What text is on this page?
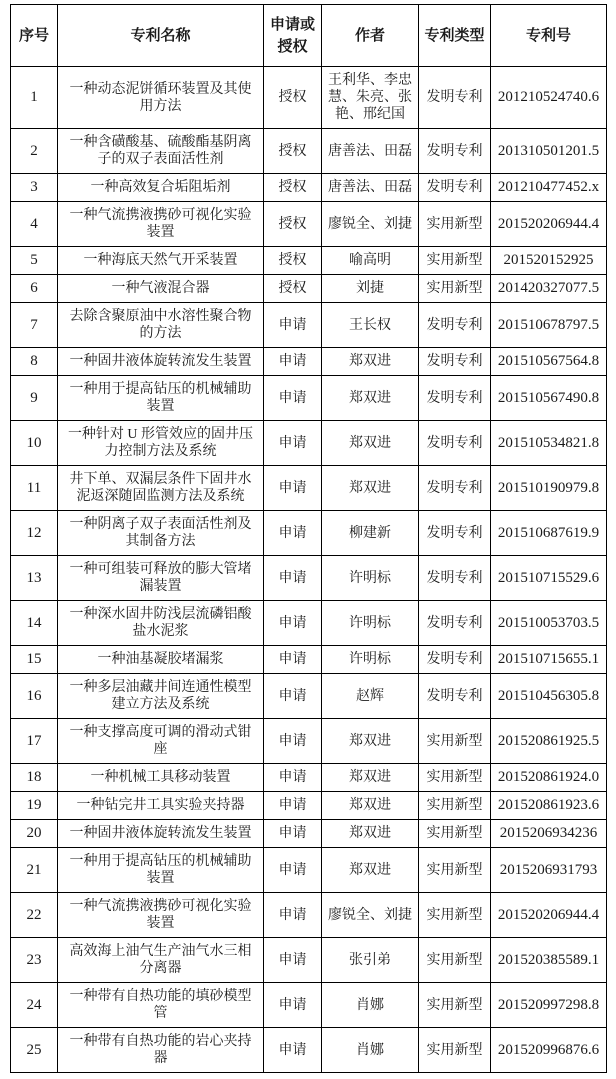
序号	专利名称	申请或授权	作者	专利类型	专利号
1	一种动态泥饼循环装置及其使用方法	授权	王利华、李忠慧、朱亮、张艳、邢纪国	发明专利	201210524740.6
2	一种含磺酸基、硫酸酯基阴离子的双子表面活性剂	授权	唐善法、田磊	发明专利	201310501201.5
3	一种高效复合垢阻垢剂	授权	唐善法、田磊	发明专利	201210477452.x
4	一种气流携液携砂可视化实验装置	授权	廖锐全、刘捷	实用新型	201520206944.4
5	一种海底天然气开采装置	授权	喻高明	实用新型	201520152925
6	一种气液混合器	授权	刘捷	实用新型	201420327077.5
7	去除含聚原油中水溶性聚合物的方法	申请	王长权	发明专利	201510678797.5
8	一种固井液体旋转流发生装置	申请	郑双进	发明专利	201510567564.8
9	一种用于提高钻压的机械辅助装置	申请	郑双进	发明专利	201510567490.8
10	一种针对 U 形管效应的固井压力控制方法及系统	申请	郑双进	发明专利	201510534821.8
11	井下单、双漏层条件下固井水泥返深随固监测方法及系统	申请	郑双进	发明专利	201510190979.8
12	一种阴离子双子表面活性剂及其制备方法	申请	柳建新	发明专利	201510687619.9
13	一种可组装可释放的膨大管堵漏装置	申请	许明标	发明专利	201510715529.6
14	一种深水固井防浅层流磷铝酸盐水泥浆	申请	许明标	发明专利	201510053703.5
15	一种油基凝胶堵漏浆	申请	许明标	发明专利	201510715655.1
16	一种多层油藏井间连通性模型建立方法及系统	申请	赵辉	发明专利	201510456305.8
17	一种支撑高度可调的滑动式钳座	申请	郑双进	实用新型	201520861925.5
18	一种机械工具移动装置	申请	郑双进	实用新型	201520861924.0
19	一种钻完井工具实验夹持器	申请	郑双进	实用新型	201520861923.6
20	一种固井液体旋转流发生装置	申请	郑双进	实用新型	2015206934236
21	一种用于提高钻压的机械辅助装置	申请	郑双进	实用新型	2015206931793
22	一种气流携液携砂可视化实验装置	申请	廖锐全、刘捷	实用新型	201520206944.4
23	高效海上油气生产油气水三相分离器	申请	张引弟	实用新型	201520385589.1
24	一种带有自热功能的填砂模型管	申请	肖娜	实用新型	201520997298.8
25	一种带有自热功能的岩心夹持器	申请	肖娜	实用新型	201520996876.6
